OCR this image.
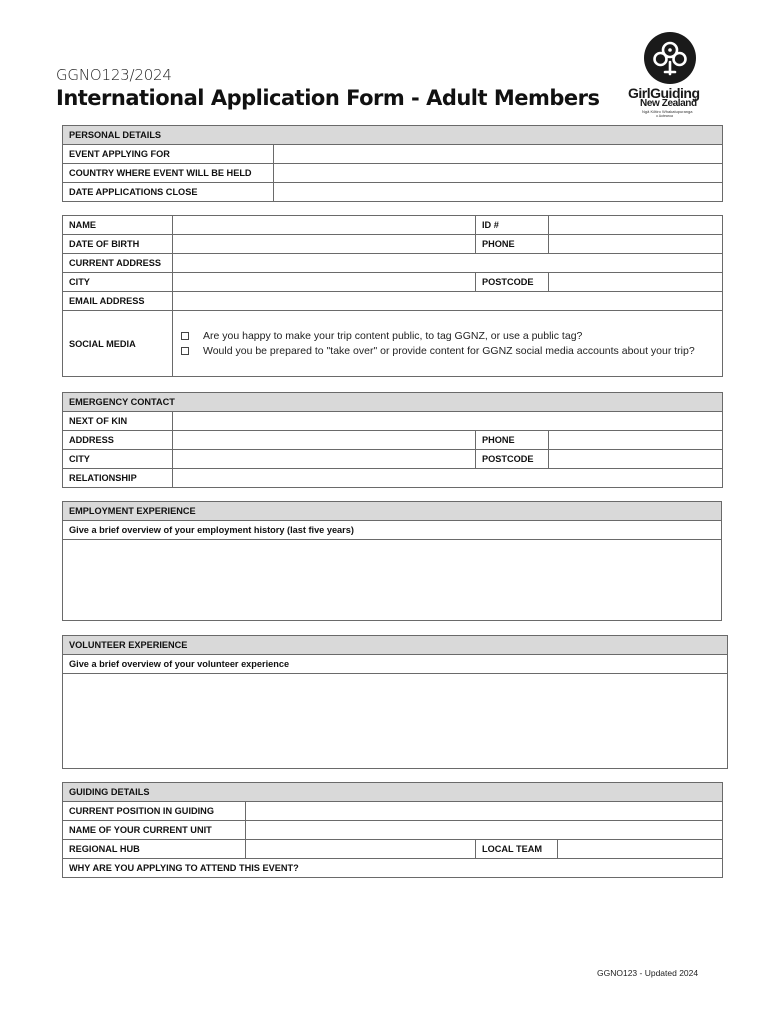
GGNO123/2024
International Application Form - Adult Members GirlGuiding
New Zealand
Ngā Kōtiro Whakatupuranga
o Aotearoa
PERSONAL DETAILS	
EVENT APPLYING FOR	
COUNTRY WHERE EVENT WILL BE HELD	
DATE APPLICATIONS CLOSE	
NAME		ID #	
DATE OF BIRTH		PHONE	
CURRENT ADDRESS			
CITY		POSTCODE	
EMAIL ADDRESS			
SOCIAL MEDIA	Are you happy to make your trip content public, to tag GGNZ, or use a public tag?
Would you be prepared to "take over" or provide content for GGNZ social media accounts about your trip?		
EMERGENCY CONTACT			
NEXT OF KIN			
ADDRESS		PHONE	
CITY		POSTCODE	
RELATIONSHIP			
EMPLOYMENT EXPERIENCE
Give a brief overview of your employment history (last five years)

VOLUNTEER EXPERIENCE
Give a brief overview of your volunteer experience

GUIDING DETAILS			
CURRENT POSITION IN GUIDING			
NAME OF YOUR CURRENT UNIT			
REGIONAL HUB		LOCAL TEAM	
WHY ARE YOU APPLYING TO ATTEND THIS EVENT?			
GGNO123 - Updated 2024
